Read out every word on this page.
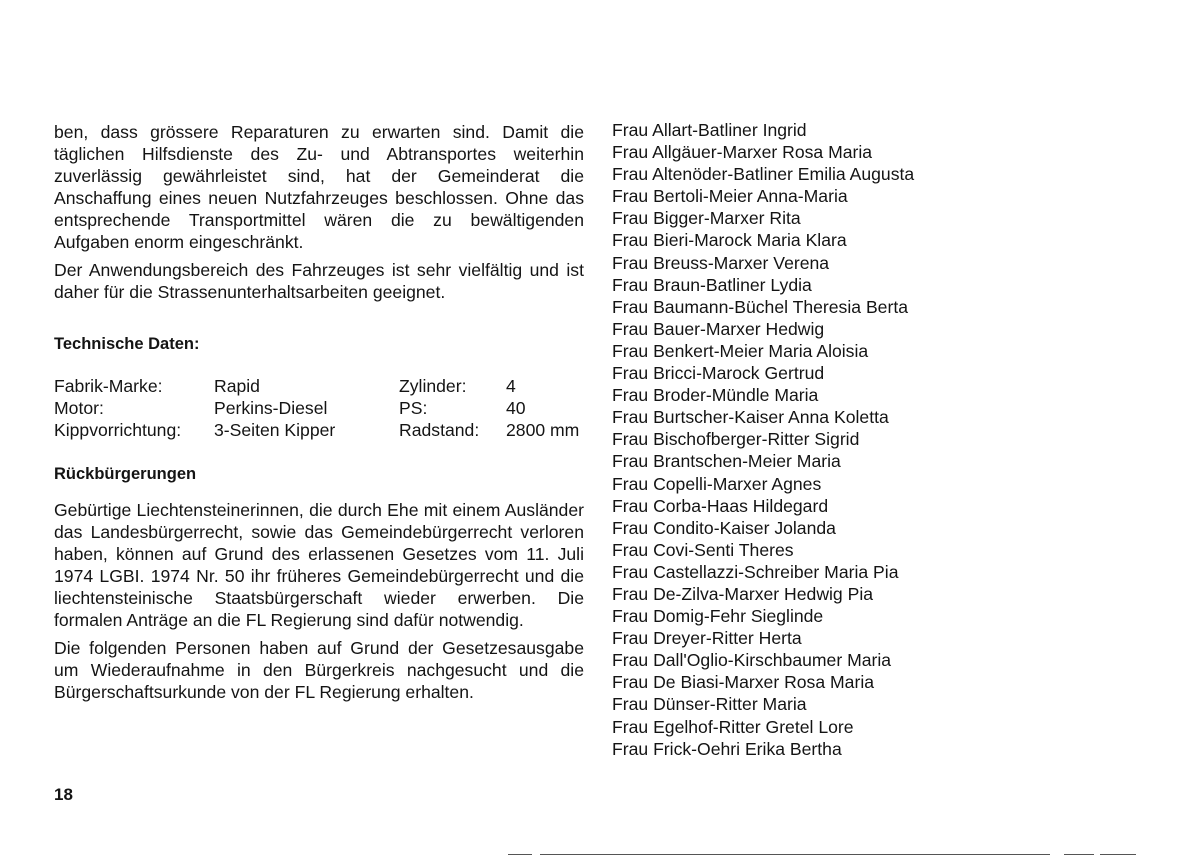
ben, dass grössere Reparaturen zu erwarten sind. Damit die täglichen Hilfsdienste des Zu- und Abtransportes weiterhin zuverlässig gewährleistet sind, hat der Gemeinderat die Anschaffung eines neuen Nutzfahrzeuges beschlossen. Ohne das entsprechende Transportmittel wären die zu bewältigenden Aufgaben enorm eingeschränkt.

Der Anwendungsbereich des Fahrzeuges ist sehr vielfältig und ist daher für die Strassenunterhaltsarbeiten geeignet.

Technische Daten:
Fabrik-Marke:	Rapid	Zylinder: 4
Motor:	Perkins-Diesel	PS:	40
Kippvorrichtung: 3-Seiten Kipper	Radstand: 2800 mm
Rückbürgerungen

Gebürtige Liechtensteinerinnen, die durch Ehe mit einem Ausländer das Landesbürgerrecht, sowie das Gemeindebürgerrecht verloren haben, können auf Grund des erlassenen Gesetzes vom 11. Juli 1974 LGBI. 1974 Nr. 50 ihr früheres Gemeindebürgerrecht und die liechtensteinische Staatsbürgerschaft wieder erwerben. Die formalen Anträge an die FL Regierung sind dafür notwendig.

Die folgenden Personen haben auf Grund der Gesetzesausgabe um Wiederaufnahme in den Bürgerkreis nachgesucht und die Bürgerschaftsurkunde von der FL Regierung erhalten.

18
Frau Allart-Batliner Ingrid
Frau Allgäuer-Marxer Rosa Maria
Frau Altenöder-Batliner Emilia Augusta
Frau Bertoli-Meier Anna-Maria
Frau Bigger-Marxer Rita
Frau Bieri-Marock Maria Klara
Frau Breuss-Marxer Verena
Frau Braun-Batliner Lydia
Frau Baumann-Büchel Theresia Berta
Frau Bauer-Marxer Hedwig
Frau Benkert-Meier Maria Aloisia
Frau Bricci-Marock Gertrud
Frau Broder-Mündle Maria
Frau Burtscher-Kaiser Anna Koletta
Frau Bischofberger-Ritter Sigrid
Frau Brantschen-Meier Maria
Frau Copelli-Marxer Agnes
Frau Corba-Haas Hildegard
Frau Condito-Kaiser Jolanda
Frau Covi-Senti Theres
Frau Castellazzi-Schreiber Maria Pia
Frau De-Zilva-Marxer Hedwig Pia
Frau Domig-Fehr Sieglinde
Frau Dreyer-Ritter Herta
Frau Dall'Oglio-Kirschbaumer Maria
Frau De Biasi-Marxer Rosa Maria
Frau Dünser-Ritter Maria
Frau Egelhof-Ritter Gretel Lore
Frau Frick-Oehri Erika Bertha
